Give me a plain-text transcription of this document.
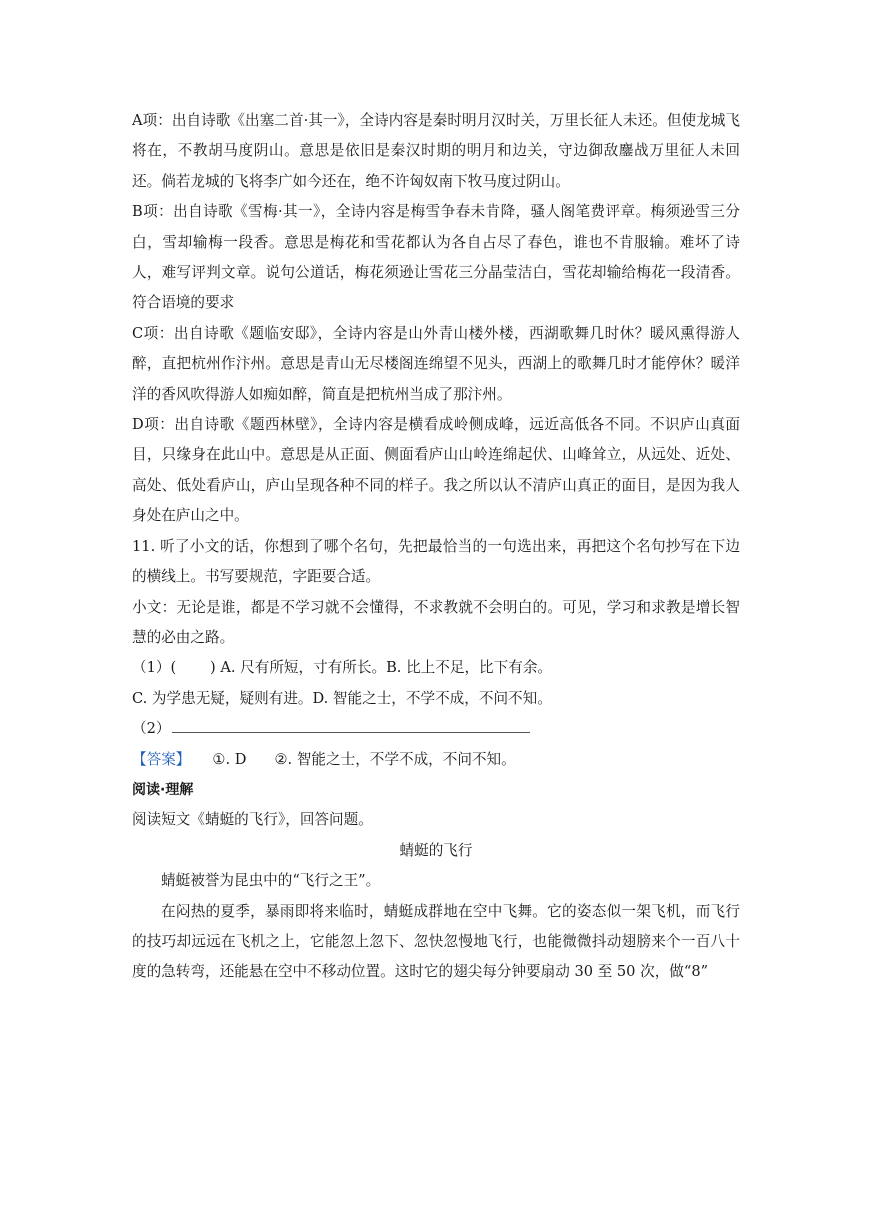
A项：出自诗歌《出塞二首·其一》，全诗内容是秦时明月汉时关，万里长征人未还。但使龙城飞将在，不教胡马度阴山。意思是依旧是秦汉时期的明月和边关，守边御敌鏖战万里征人未回还。倘若龙城的飞将李广如今还在，绝不许匈奴南下牧马度过阴山。

B项：出自诗歌《雪梅·其一》，全诗内容是梅雪争春未肯降，骚人阁笔费评章。梅须逊雪三分白，雪却输梅一段香。意思是梅花和雪花都认为各自占尽了春色，谁也不肯服输。难坏了诗人，难写评判文章。说句公道话，梅花须逊让雪花三分晶莹洁白，雪花却输给梅花一段清香。符合语境的要求

C项：出自诗歌《题临安邸》，全诗内容是山外青山楼外楼，西湖歌舞几时休？暖风熏得游人醉，直把杭州作汴州。意思是青山无尽楼阁连绵望不见头，西湖上的歌舞几时才能停休？暖洋洋的香风吹得游人如痴如醉，简直是把杭州当成了那汴州。

D项：出自诗歌《题西林壁》，全诗内容是横看成岭侧成峰，远近高低各不同。不识庐山真面目，只缘身在此山中。意思是从正面、侧面看庐山山岭连绵起伏、山峰耸立，从远处、近处、高处、低处看庐山，庐山呈现各种不同的样子。我之所以认不清庐山真正的面目，是因为我人身处在庐山之中。

11. 听了小文的话，你想到了哪个名句，先把最恰当的一句选出来，再把这个名句抄写在下边的横线上。书写要规范，字距要合适。

小文：无论是谁，都是不学习就不会懂得，不求教就不会明白的。可见，学习和求教是增长智慧的必由之路。

（1）(　　 ) A. 尺有所短，寸有所长。B. 比上不足，比下有余。

C. 为学患无疑，疑则有进。D. 智能之士，不学不成，不问不知。

（2）

【答案】 ①. D ②. 智能之士，不学不成，不问不知。

阅读·理解

阅读短文《蜻蜓的飞行》，回答问题。

蜻蜓的飞行

蜻蜓被誉为昆虫中的“飞行之王”。

在闷热的夏季，暴雨即将来临时，蜻蜓成群地在空中飞舞。它的姿态似一架飞机，而飞行的技巧却远远在飞机之上，它能忽上忽下、忽快忽慢地飞行，也能微微抖动翅膀来个一百八十度的急转弯，还能悬在空中不移动位置。这时它的翅尖每分钟要扇动 30 至 50 次，做“8”
